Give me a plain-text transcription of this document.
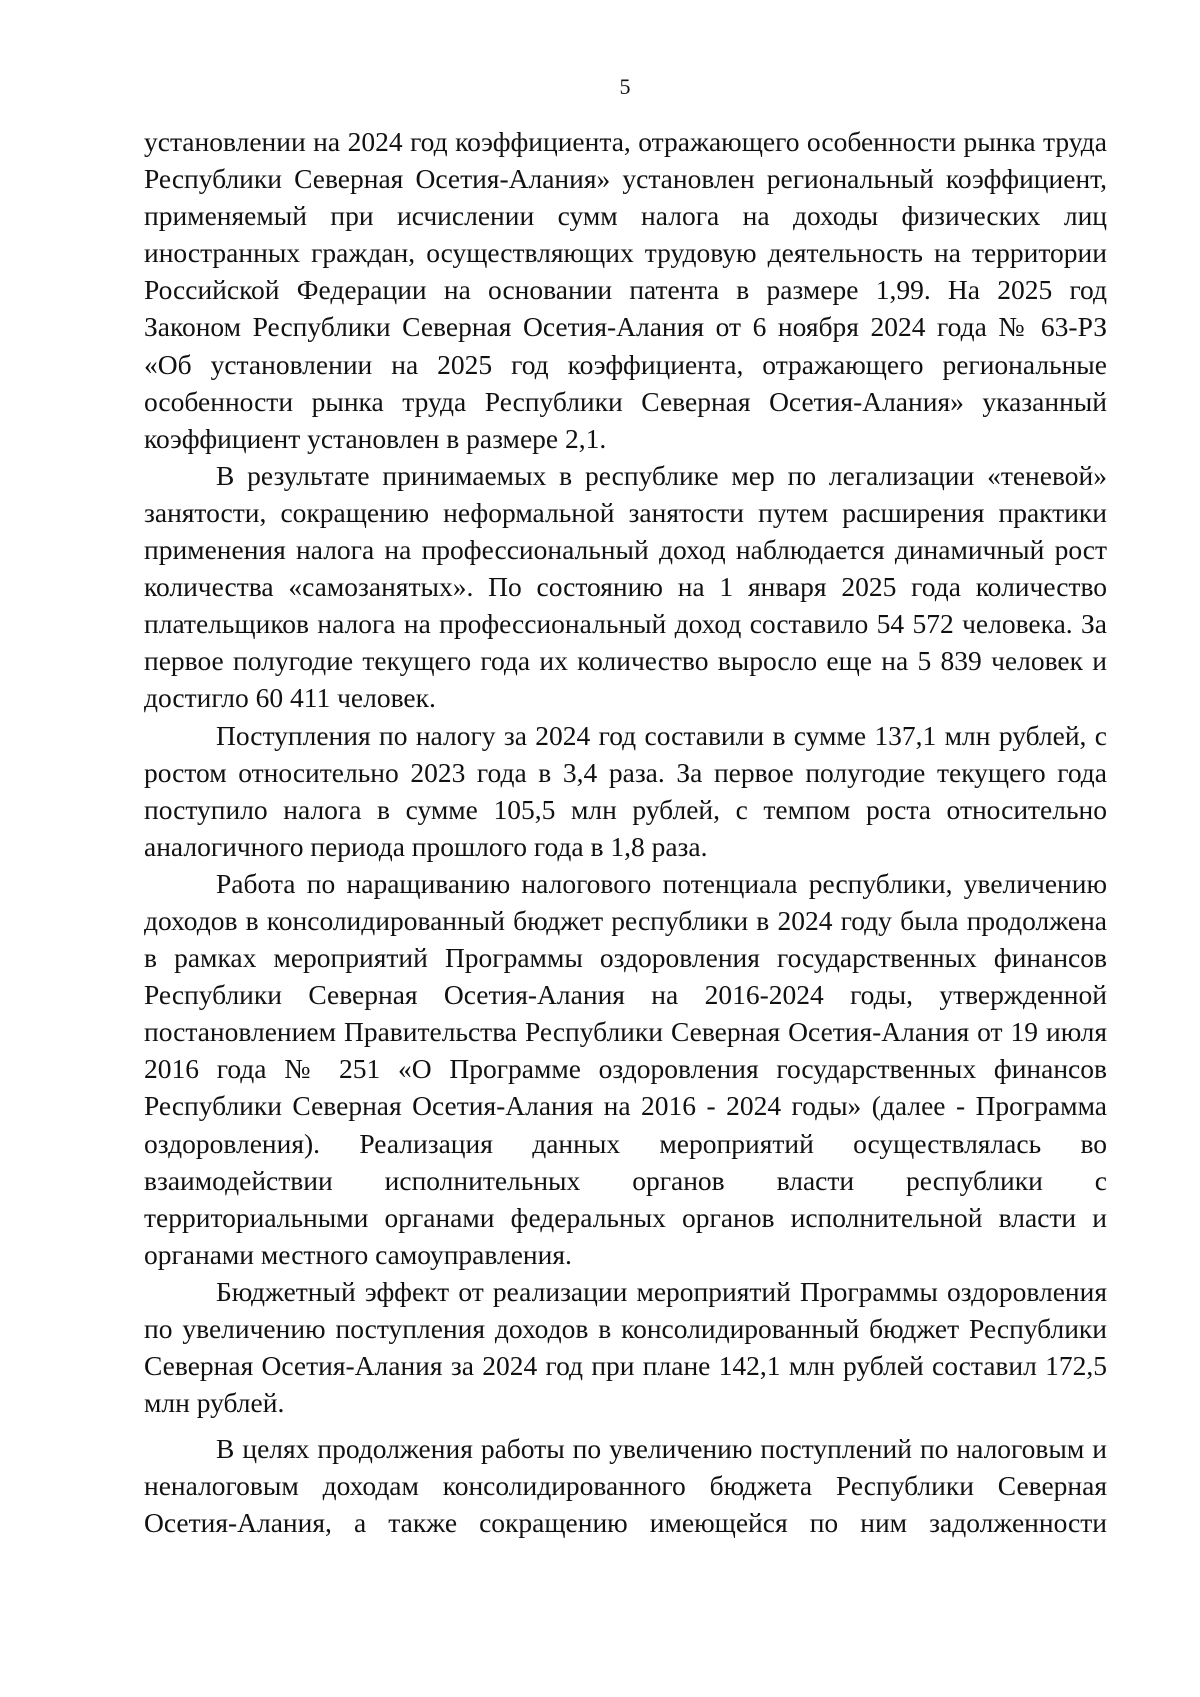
5

установлении на 2024 год коэффициента, отражающего особенности рынка труда Республики Северная Осетия-Алания» установлен региональный коэффициент, применяемый при исчислении сумм налога на доходы физических лиц иностранных граждан, осуществляющих трудовую деятельность на территории Российской Федерации на основании патента в размере 1,99. На 2025 год Законом Республики Северная Осетия-Алания от 6 ноября 2024 года № 63-РЗ «Об установлении на 2025 год коэффициента, отражающего региональные особенности рынка труда Республики Северная Осетия-Алания» указанный коэффициент установлен в размере 2,1.

В результате принимаемых в республике мер по легализации «теневой» занятости, сокращению неформальной занятости путем расширения практики применения налога на профессиональный доход наблюдается динамичный рост количества «самозанятых». По состоянию на 1 января 2025 года количество плательщиков налога на профессиональный доход составило 54 572 человека. За первое полугодие текущего года их количество выросло еще на 5 839 человек и достигло 60 411 человек.

Поступления по налогу за 2024 год составили в сумме 137,1 млн рублей, с ростом относительно 2023 года в 3,4 раза. За первое полугодие текущего года поступило налога в сумме 105,5 млн рублей, с темпом роста относительно аналогичного периода прошлого года в 1,8 раза.

Работа по наращиванию налогового потенциала республики, увеличению доходов в консолидированный бюджет республики в 2024 году была продолжена в рамках мероприятий Программы оздоровления государственных финансов Республики Северная Осетия-Алания на 2016-2024 годы, утвержденной постановлением Правительства Республики Северная Осетия-Алания от 19 июля 2016 года № 251 «О Программе оздоровления государственных финансов Республики Северная Осетия-Алания на 2016 - 2024 годы» (далее - Программа оздоровления). Реализация данных мероприятий осуществлялась во взаимодействии исполнительных органов власти республики с территориальными органами федеральных органов исполнительной власти и органами местного самоуправления.

Бюджетный эффект от реализации мероприятий Программы оздоровления по увеличению поступления доходов в консолидированный бюджет Республики Северная Осетия-Алания за 2024 год при плане 142,1 млн рублей составил 172,5 млн рублей.

В целях продолжения работы по увеличению поступлений по налоговым и неналоговым доходам консолидированного бюджета Республики Северная Осетия-Алания, а также сокращению имеющейся по ним задолженности
